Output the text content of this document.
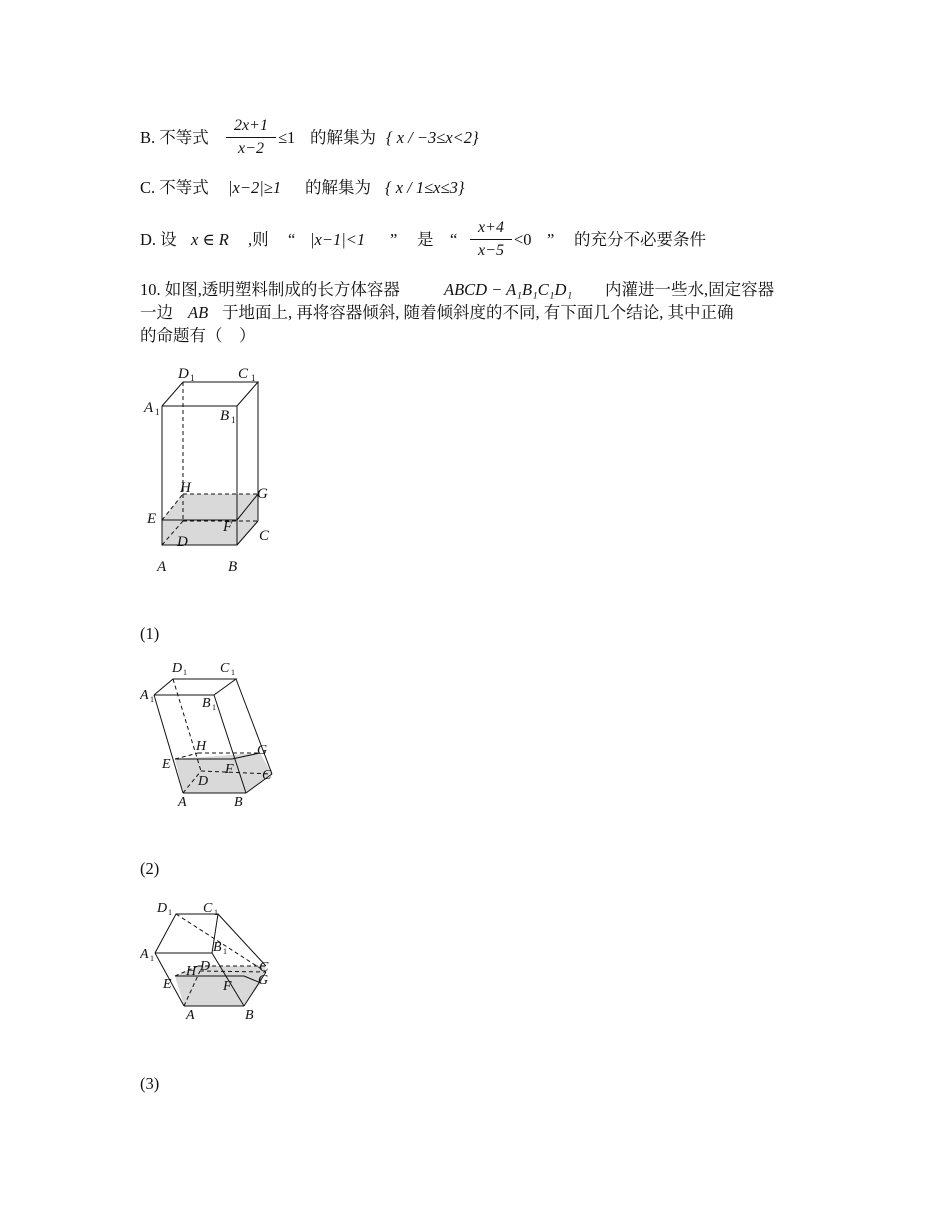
B. 不等式
2x+1
x−2
≤1 的解集为 { x / −3≤x<2}
C. 不等式 |x−2|≥1 的解集为 { x / 1≤x≤3}
D. 设 x ∈ R ,则 “ |x−1|<1 ” 是 “
x+4
x−5
<0 ” 的充分不必要条件
10. 如图,透明塑料制成的长方体容器	ABCD − A₁B₁C₁D₁ 内灌进一些水,固定容器
一边 AB 于地面上, 再将容器倾斜, 随着倾斜度的不同, 有下面几个结论, 其中正确
的命题有（　）
D 1	C 1
A 1	B 1
H	G
E	F
D	C
A	B
(1)
D 1 C 1
A 1	B 1
H	G
E	F
D	C
A	B
(2)
D 1 C 1
A 1
B 1
H D	C
G
E	F
A	B
(3)
